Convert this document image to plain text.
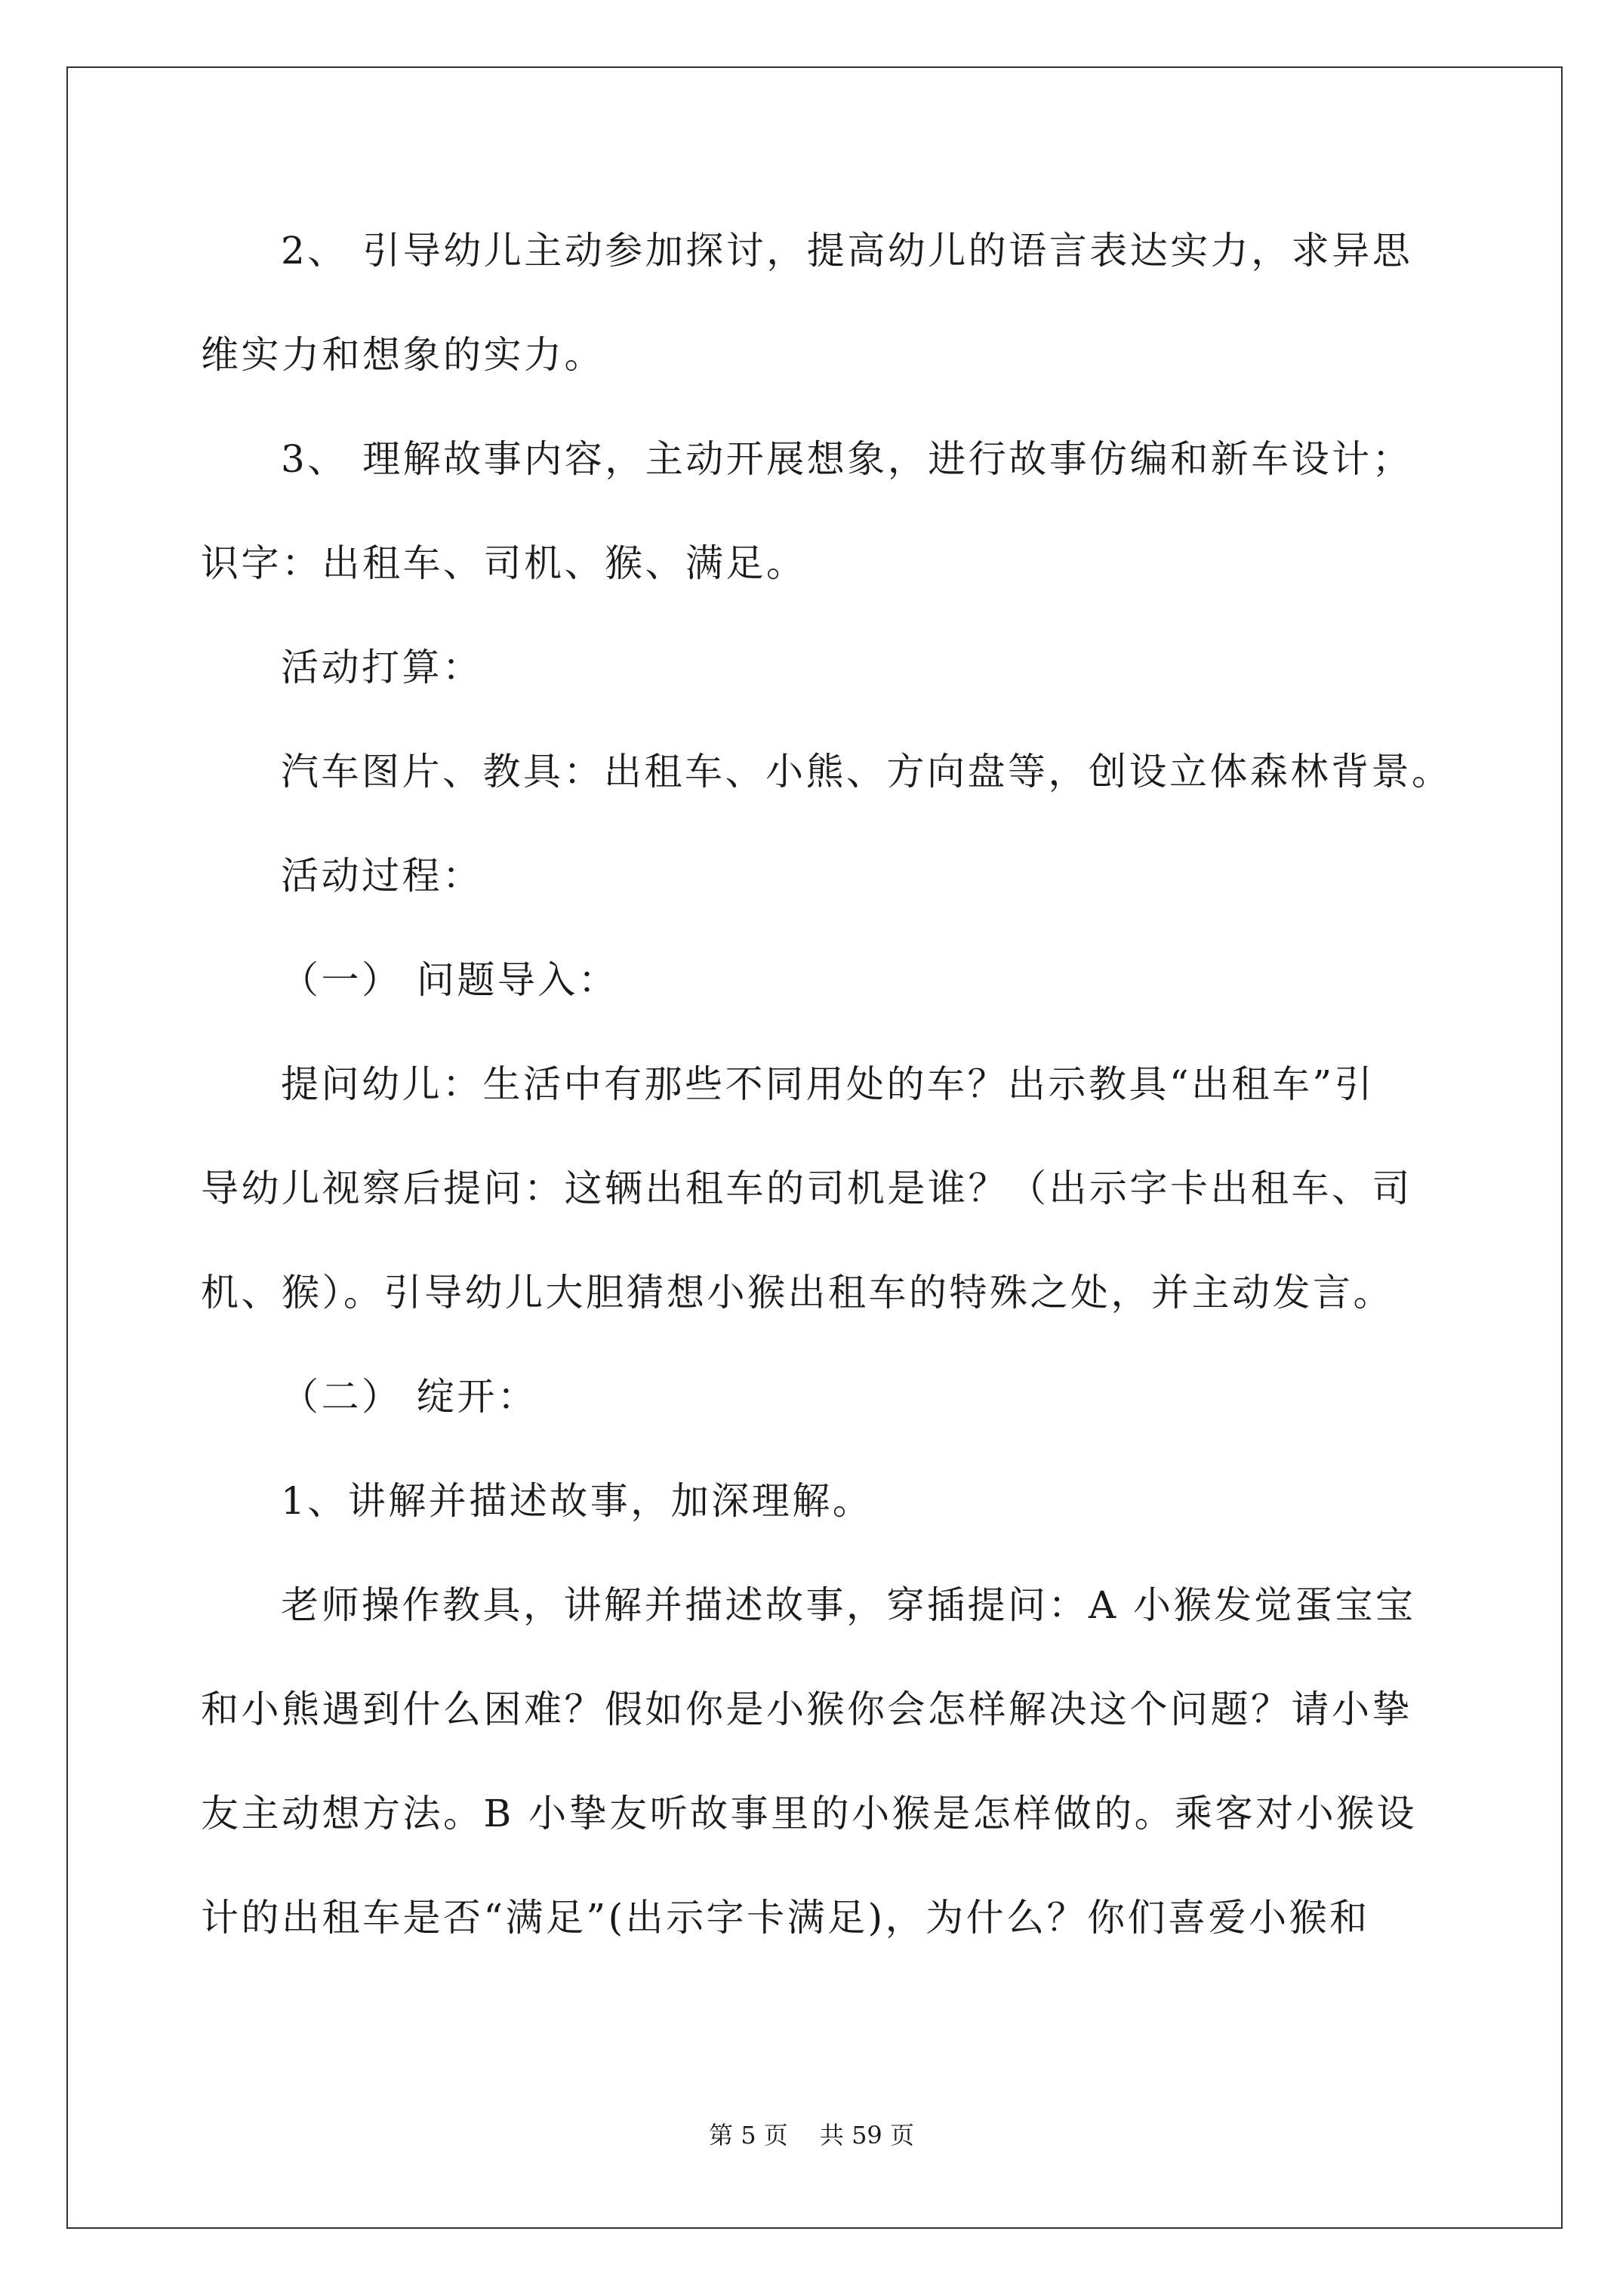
2、 引导幼儿主动参加探讨，提高幼儿的语言表达实力，求异思
维实力和想象的实力。
3、 理解故事内容，主动开展想象，进行故事仿编和新车设计；
识字：出租车、司机、猴、满足。
活动打算：
汽车图片、教具：出租车、小熊、方向盘等，创设立体森林背景。
活动过程：
（一） 问题导入：
提问幼儿：生活中有那些不同用处的车？出示教具“出租车”引
导幼儿视察后提问：这辆出租车的司机是谁？（出示字卡出租车、司
机、猴）。引导幼儿大胆猜想小猴出租车的特殊之处，并主动发言。
（二） 绽开：
1、讲解并描述故事，加深理解。
老师操作教具，讲解并描述故事，穿插提问：A 小猴发觉蛋宝宝
和小熊遇到什么困难？假如你是小猴你会怎样解决这个问题？请小挚
友主动想方法。B 小挚友听故事里的小猴是怎样做的。乘客对小猴设
计的出租车是否“满足”(出示字卡满足)，为什么？你们喜爱小猴和
第 5 页　 共 59 页
